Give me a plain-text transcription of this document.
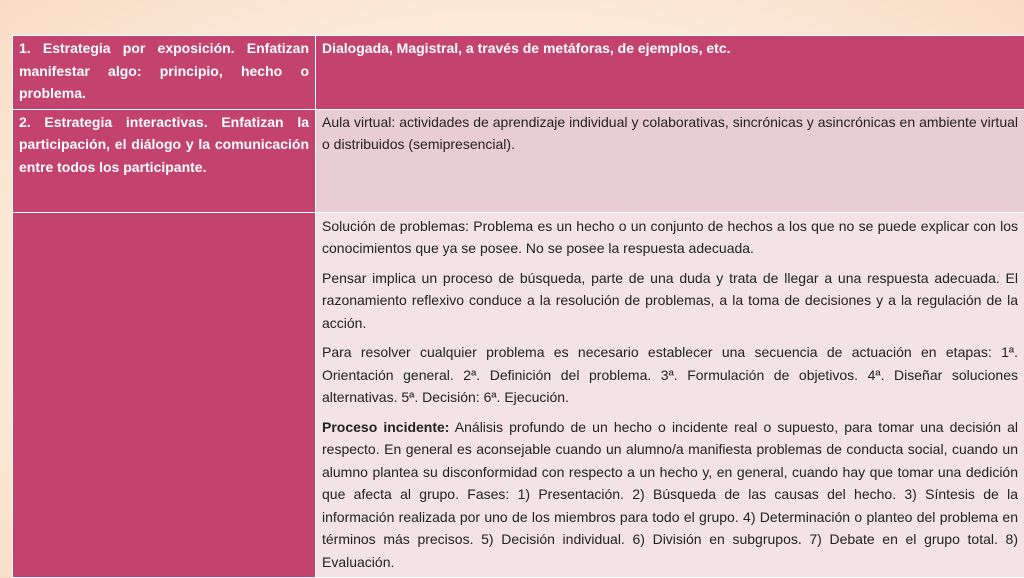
1. Estrategia por exposición. Enfatizan manifestar algo: principio, hecho o problema.	Dialogada, Magistral, a través de metáforas, de ejemplos, etc.
2. Estrategia interactivas. Enfatizan la participación, el diálogo y la comunicación entre todos los participante.	Aula virtual: actividades de aprendizaje individual y colaborativas, sincrónicas y asincrónicas en ambiente virtual o distribuidos (semipresencial).

	Solución de problemas: Problema es un hecho o un conjunto de hechos a los que no se puede explicar con los conocimientos que ya se posee. No se posee la respuesta adecuada.

Pensar implica un proceso de búsqueda, parte de una duda y trata de llegar a una respuesta adecuada. El razonamiento reflexivo conduce a la resolución de problemas, a la toma de decisiones y a la regulación de la acción.

Para resolver cualquier problema es necesario establecer una secuencia de actuación en etapas: 1ª. Orientación general. 2ª. Definición del problema. 3ª. Formulación de objetivos. 4ª. Diseñar soluciones alternativas. 5ª. Decisión: 6ª. Ejecución.

Proceso incidente: Análisis profundo de un hecho o incidente real o supuesto, para tomar una decisión al respecto. En general es aconsejable cuando un alumno/a manifiesta problemas de conducta social, cuando un alumno plantea su disconformidad con respecto a un hecho y, en general, cuando hay que tomar una dedición que afecta al grupo. Fases: 1) Presentación. 2) Búsqueda de las causas del hecho. 3) Síntesis de la información realizada por uno de los miembros para todo el grupo. 4) Determinación o planteo del problema en términos más precisos. 5) Decisión individual. 6) División en subgrupos. 7) Debate en el grupo total. 8) Evaluación.
